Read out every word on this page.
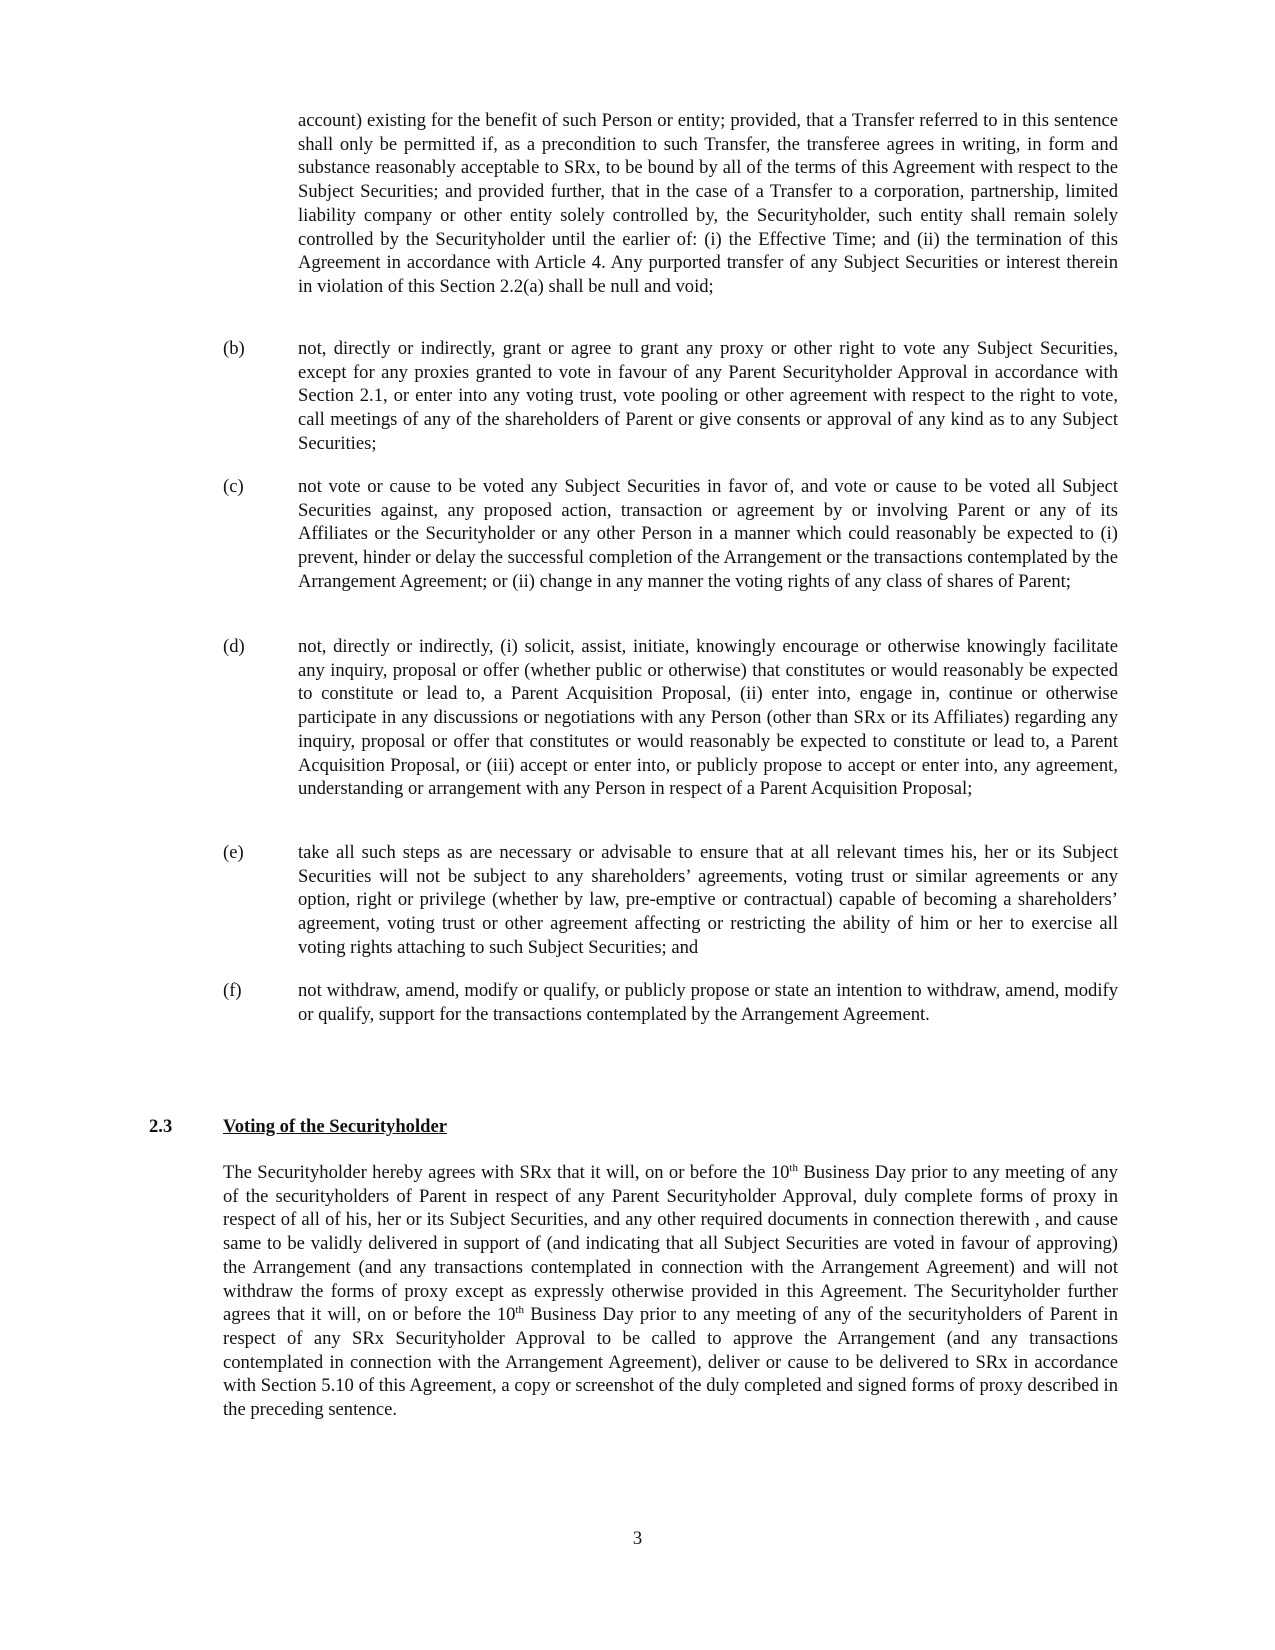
account) existing for the benefit of such Person or entity; provided, that a Transfer referred to in this sentence shall only be permitted if, as a precondition to such Transfer, the transferee agrees in writing, in form and substance reasonably acceptable to SRx, to be bound by all of the terms of this Agreement with respect to the Subject Securities; and provided further, that in the case of a Transfer to a corporation, partnership, limited liability company or other entity solely controlled by, the Securityholder, such entity shall remain solely controlled by the Securityholder until the earlier of: (i) the Effective Time; and (ii) the termination of this Agreement in accordance with Article 4. Any purported transfer of any Subject Securities or interest therein in violation of this Section 2.2(a) shall be null and void;

(b)	not, directly or indirectly, grant or agree to grant any proxy or other right to vote any Subject Securities, except for any proxies granted to vote in favour of any Parent Securityholder Approval in accordance with Section 2.1, or enter into any voting trust, vote pooling or other agreement with respect to the right to vote, call meetings of any of the shareholders of Parent or give consents or approval of any kind as to any Subject Securities;

(c)	not vote or cause to be voted any Subject Securities in favor of, and vote or cause to be voted all Subject Securities against, any proposed action, transaction or agreement by or involving Parent or any of its Affiliates or the Securityholder or any other Person in a manner which could reasonably be expected to (i) prevent, hinder or delay the successful completion of the Arrangement or the transactions contemplated by the Arrangement Agreement; or (ii) change in any manner the voting rights of any class of shares of Parent;

(d)	not, directly or indirectly, (i) solicit, assist, initiate, knowingly encourage or otherwise knowingly facilitate any inquiry, proposal or offer (whether public or otherwise) that constitutes or would reasonably be expected to constitute or lead to, a Parent Acquisition Proposal, (ii) enter into, engage in, continue or otherwise participate in any discussions or negotiations with any Person (other than SRx or its Affiliates) regarding any inquiry, proposal or offer that constitutes or would reasonably be expected to constitute or lead to, a Parent Acquisition Proposal, or (iii) accept or enter into, or publicly propose to accept or enter into, any agreement, understanding or arrangement with any Person in respect of a Parent Acquisition Proposal;

(e)	take all such steps as are necessary or advisable to ensure that at all relevant times his, her or its Subject Securities will not be subject to any shareholders’ agreements, voting trust or similar agreements or any option, right or privilege (whether by law, pre-emptive or contractual) capable of becoming a shareholders’ agreement, voting trust or other agreement affecting or restricting the ability of him or her to exercise all voting rights attaching to such Subject Securities; and

(f)	not withdraw, amend, modify or qualify, or publicly propose or state an intention to withdraw, amend, modify or qualify, support for the transactions contemplated by the Arrangement Agreement.

2.3	Voting of the Securityholder

The Securityholder hereby agrees with SRx that it will, on or before the 10th Business Day prior to any meeting of any of the securityholders of Parent in respect of any Parent Securityholder Approval, duly complete forms of proxy in respect of all of his, her or its Subject Securities, and any other required documents in connection therewith , and cause same to be validly delivered in support of (and indicating that all Subject Securities are voted in favour of approving) the Arrangement (and any transactions contemplated in connection with the Arrangement Agreement) and will not withdraw the forms of proxy except as expressly otherwise provided in this Agreement. The Securityholder further agrees that it will, on or before the 10th Business Day prior to any meeting of any of the securityholders of Parent in respect of any SRx Securityholder Approval to be called to approve the Arrangement (and any transactions contemplated in connection with the Arrangement Agreement), deliver or cause to be delivered to SRx in accordance with Section 5.10 of this Agreement, a copy or screenshot of the duly completed and signed forms of proxy described in the preceding sentence.

3
